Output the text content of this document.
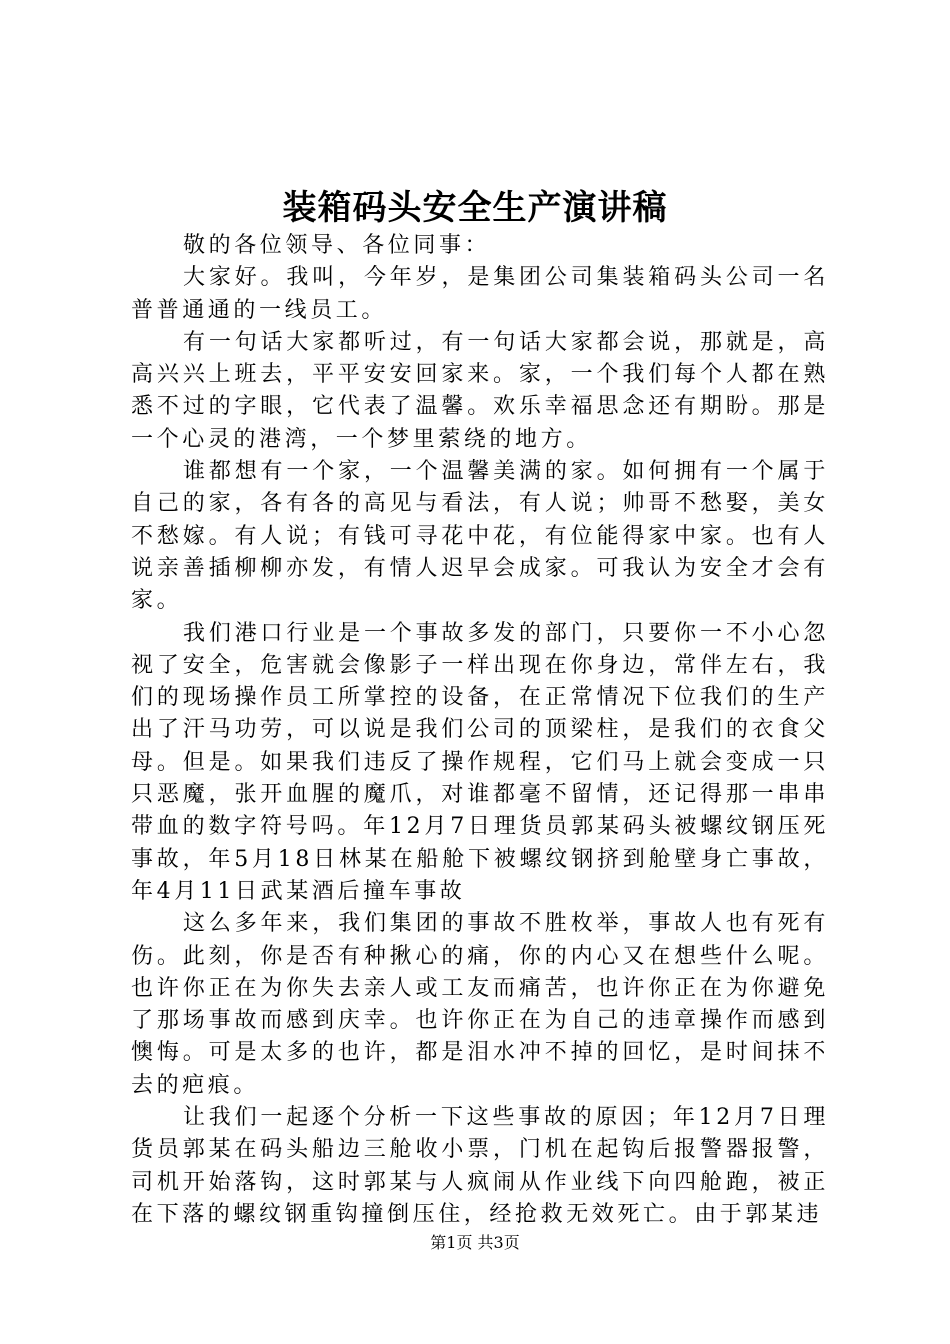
装箱码头安全生产演讲稿

敬的各位领导、各位同事：

大家好。我叫，今年岁，是集团公司集装箱码头公司一名普普通通的一线员工。

有一句话大家都听过，有一句话大家都会说，那就是，高高兴兴上班去，平平安安回家来。家，一个我们每个人都在熟悉不过的字眼，它代表了温馨。欢乐幸福思念还有期盼。那是一个心灵的港湾，一个梦里萦绕的地方。

谁都想有一个家，一个温馨美满的家。如何拥有一个属于自己的家，各有各的高见与看法，有人说；帅哥不愁娶，美女不愁嫁。有人说；有钱可寻花中花，有位能得家中家。也有人说亲善插柳柳亦发，有情人迟早会成家。可我认为安全才会有家。

我们港口行业是一个事故多发的部门，只要你一不小心忽视了安全，危害就会像影子一样出现在你身边，常伴左右，我们的现场操作员工所掌控的设备，在正常情况下位我们的生产出了汗马功劳，可以说是我们公司的顶梁柱，是我们的衣食父母。但是。如果我们违反了操作规程，它们马上就会变成一只只恶魔，张开血腥的魔爪，对谁都毫不留情，还记得那一串串带血的数字符号吗。年12月7日理货员郭某码头被螺纹钢压死事故，年5月18日林某在船舱下被螺纹钢挤到舱壁身亡事故，年4月11日武某酒后撞车事故

这么多年来，我们集团的事故不胜枚举，事故人也有死有伤。此刻，你是否有种揪心的痛，你的内心又在想些什么呢。也许你正在为你失去亲人或工友而痛苦，也许你正在为你避免了那场事故而感到庆幸。也许你正在为自己的违章操作而感到懊悔。可是太多的也许，都是泪水冲不掉的回忆，是时间抹不去的疤痕。

让我们一起逐个分析一下这些事故的原因；年12月7日理货员郭某在码头船边三舱收小票，门机在起钩后报警器报警，司机开始落钩，这时郭某与人疯闹从作业线下向四舱跑，被正在下落的螺纹钢重钩撞倒压住，经抢救无效死亡。由于郭某违

第1页 共3页
